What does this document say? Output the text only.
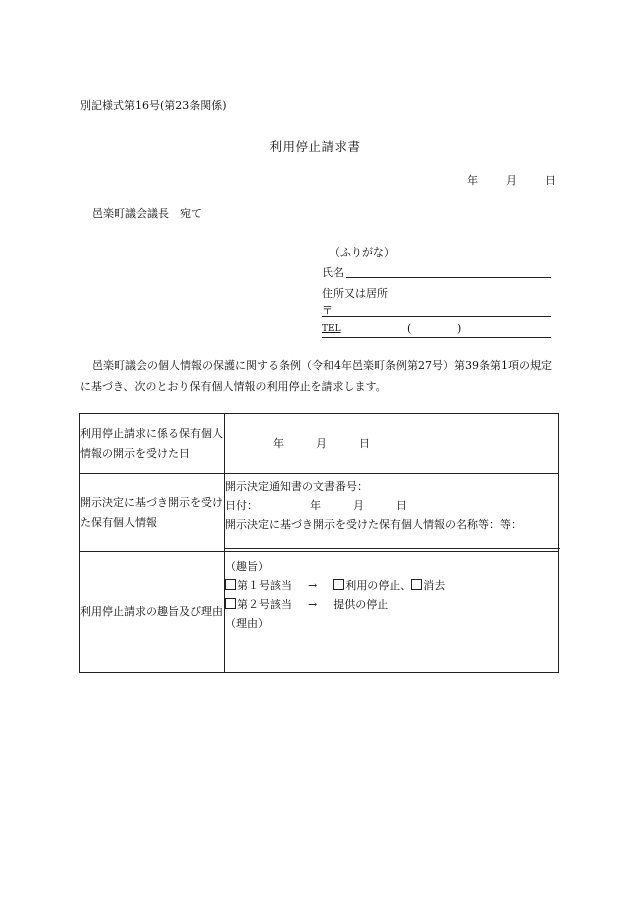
別記様式第16号(第23条関係)
利用停止請求書
年	月	日
邑楽町議会議長　宛て
（ふりがな）
氏名
住所又は居所
〒
TEL	(	)
邑楽町議会の個人情報の保護に関する条例（令和4年邑楽町条例第27号）第39条第1項の規定に基づき、次のとおり保有個人情報の利用停止を請求します。
利用停止請求に係る保有個人情報の開示を受けた日	年 月 日
開示決定に基づき開示を受けた保有個人情報	開示決定通知書の文書番号：
日付： 年 月 日
開示決定に基づき開示を受けた保有個人情報の名称等：等：

利用停止請求の趣旨及び理由	（趣旨）
第１号該当 → 利用の停止、 消去
第２号該当 → 提供の停止
（理由）
